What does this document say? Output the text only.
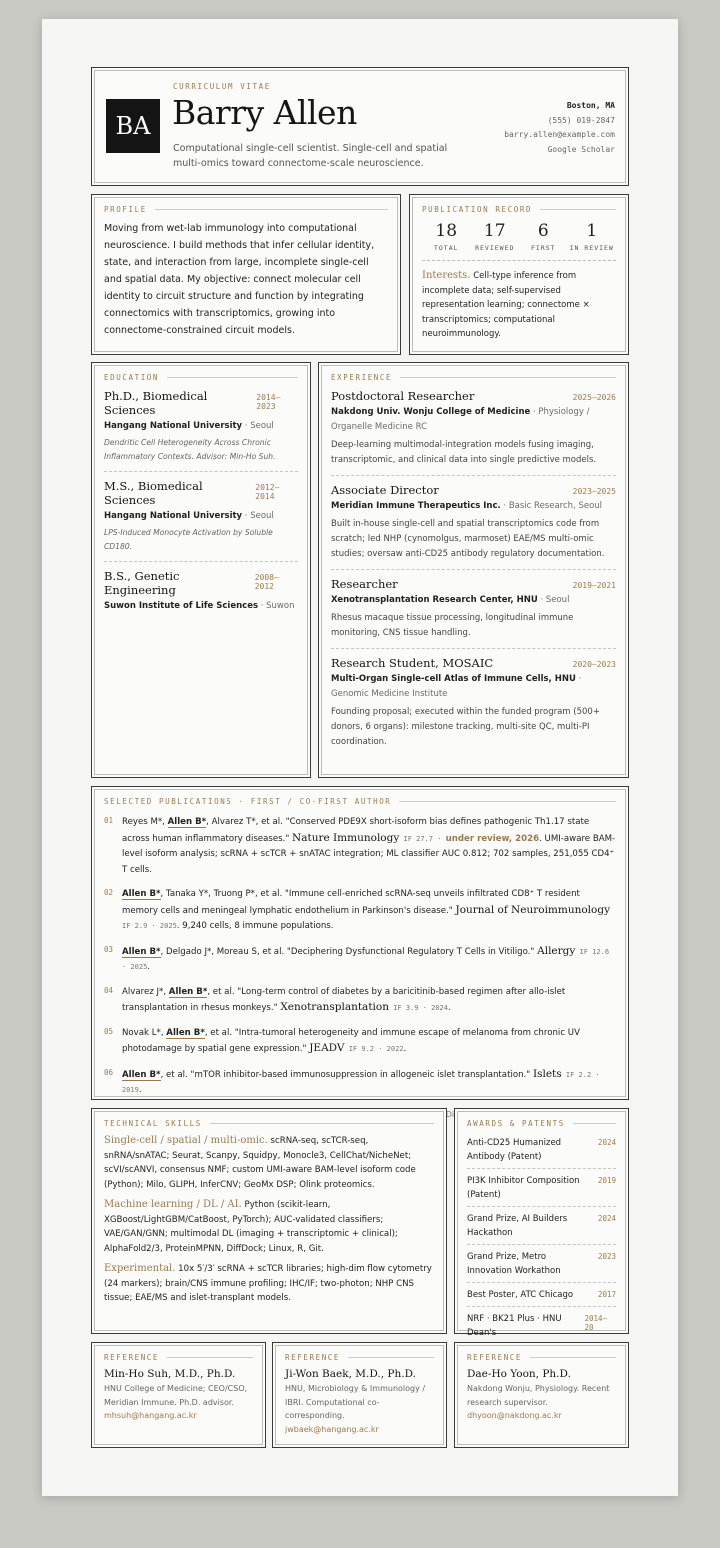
CURRICULUM VITAE
BA Barry Allen
Computational single-cell scientist. Single-cell and spatial multi-omics toward connectome-scale neuroscience.
Boston, MA
(555) 019-2847
barry.allen@example.com
Google Scholar
PROFILE
Moving from wet-lab immunology into computational neuroscience. I build methods that infer cellular identity, state, and interaction from large, incomplete single-cell and spatial data. My objective: connect molecular cell identity to circuit structure and function by integrating connectomics with transcriptomics, growing into connectome-constrained circuit models.
PUBLICATION RECORD
18
TOTAL
17
REVIEWED
6
FIRST
1
IN REVIEW
Interests. Cell-type inference from incomplete data; self-supervised representation learning; connectome × transcriptomics; computational neuroimmunology.
EDUCATION
Ph.D., Biomedical Sciences
2014–2023
Hangang National University · Seoul
Dendritic Cell Heterogeneity Across Chronic Inflammatory Contexts. Advisor: Min-Ho Suh.
M.S., Biomedical Sciences
2012–2014
Hangang National University · Seoul
LPS-Induced Monocyte Activation by Soluble CD180.
B.S., Genetic Engineering
2008–2012
Suwon Institute of Life Sciences · Suwon
EXPERIENCE
Postdoctoral Researcher	2025–2026
Nakdong Univ. Wonju College of Medicine · Physiology / Organelle Medicine RC
Deep-learning multimodal-integration models fusing imaging, transcriptomic, and clinical data into single predictive models.
Associate Director	2023–2025
Meridian Immune Therapeutics Inc. · Basic Research, Seoul
Built in-house single-cell and spatial transcriptomics code from scratch; led NHP (cynomolgus, marmoset) EAE/MS multi-omic studies; oversaw anti-CD25 antibody regulatory documentation.
Researcher	2019–2021
Xenotransplantation Research Center, HNU · Seoul
Rhesus macaque tissue processing, longitudinal immune monitoring, CNS tissue handling.
Research Student, MOSAIC	2020–2023
Multi-Organ Single-cell Atlas of Immune Cells, HNU · Genomic Medicine Institute
Founding proposal; executed within the funded program (500+ donors, 6 organs): milestone tracking, multi-site QC, multi-PI coordination.
SELECTED PUBLICATIONS · FIRST / CO-FIRST AUTHOR
01	Reyes M*, Allen B*, Alvarez T*, et al. "Conserved PDE9X short-isoform bias defines pathogenic Th1.17 state across human inflammatory diseases." Nature Immunology IF 27.7 · under review, 2026. UMI-aware BAM-level isoform analysis; scRNA + scTCR + snATAC integration; ML classifier AUC 0.812; 702 samples, 251,055 CD4⁺ T cells.
02	Allen B*, Tanaka Y*, Truong P*, et al. "Immune cell-enriched scRNA-seq unveils infiltrated CD8⁺ T resident memory cells and meningeal lymphatic endothelium in Parkinson's disease." Journal of Neuroimmunology IF 2.9 · 2025. 9,240 cells, 8 immune populations.
03	Allen B*, Delgado J*, Moreau S, et al. "Deciphering Dysfunctional Regulatory T Cells in Vitiligo." Allergy IF 12.6 · 2025.
04	Alvarez J*, Allen B*, et al. "Long-term control of diabetes by a baricitinib-based regimen after allo-islet transplantation in rhesus monkeys." Xenotransplantation IF 3.9 · 2024.
05	Novak L*, Allen B*, et al. "Intra-tumoral heterogeneity and immune escape of melanoma from chronic UV photodamage by spatial gene expression." JEADV IF 9.2 · 2022.
06	Allen B*, et al. "mTOR inhibitor-based immunosuppression in allogeneic islet transplantation." Islets IF 2.2 · 2019.
TECHNICAL SKILLS
Single-cell / spatial / multi-omic. scRNA-seq, scTCR-seq, snRNA/snATAC; Seurat, Scanpy, Squidpy, Monocle3, CellChat/NicheNet; scVI/scANVI, consensus NMF; custom UMI-aware BAM-level isoform code (Python); Milo, GLIPH, InferCNV; GeoMx DSP; Olink proteomics.
Machine learning / DL / AI. Python (scikit-learn, XGBoost/LightGBM/CatBoost, PyTorch); AUC-validated classifiers; VAE/GAN/GNN; multimodal DL (imaging + transcriptomic + clinical); AlphaFold2/3, ProteinMPNN, DiffDock; Linux, R, Git.
Experimental. 10x 5′/3′ scRNA + scTCR libraries; high-dim flow cytometry (24 markers); brain/CNS immune profiling; IHC/IF; two-photon; NHP CNS tissue; EAE/MS and islet-transplant models.
AWARDS & PATENTS
Anti-CD25 Humanized Antibody (Patent)
2024
PI3K Inhibitor Composition (Patent)
2019
Grand Prize, AI Builders Hackathon
2024
Grand Prize, Metro Innovation Workathon
2023
Best Poster, ATC Chicago	2017
NRF · BK21 Plus · HNU Dean's
2014–20
REFERENCE
Min-Ho Suh, M.D., Ph.D.
HNU College of Medicine; CEO/CSO, Meridian Immune. Ph.D. advisor.
mhsuh@hangang.ac.kr
REFERENCE
Ji-Won Baek, M.D., Ph.D.
HNU, Microbiology & Immunology / IBRI. Computational co-corresponding.
jwbaek@hangang.ac.kr
REFERENCE
Dae-Ho Yoon, Ph.D.
Nakdong Wonju, Physiology. Recent research supervisor.
dhyoon@nakdong.ac.kr
